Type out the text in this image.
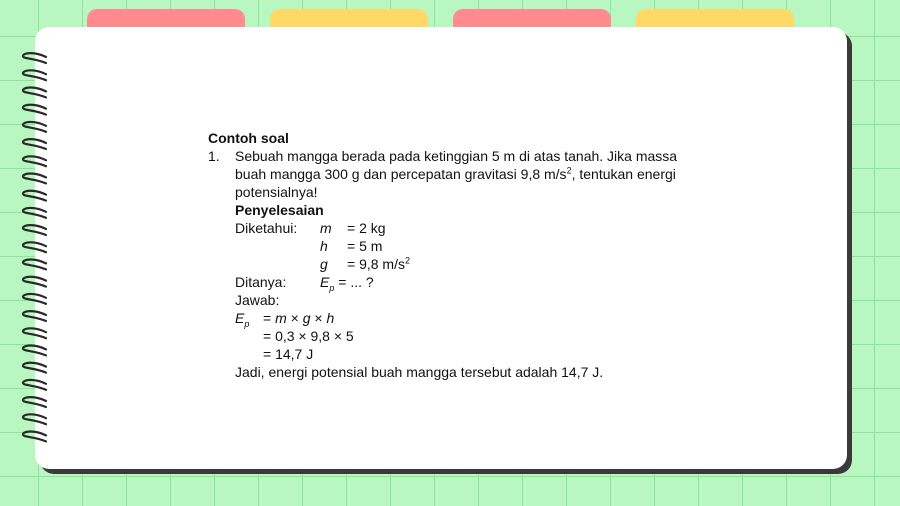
Contoh soal
1. Sebuah mangga berada pada ketinggian 5 m di atas tanah. Jika massa
buah mangga 300 g dan percepatan gravitasi 9,8 $m/s^2$, tentukan energi
potensialnya!
Penyelesaian
Diketahui: m = 2 kg
h = 5 m
g = 9,8 $m/s^2$
Ditanya: $E_p$ = ... ?
Jawab:
$E_p = m \times g \times h$
= 0,3 × 9,8 × 5
= 14,7 J
Jadi, energi potensial buah mangga tersebut adalah 14,7 J.
